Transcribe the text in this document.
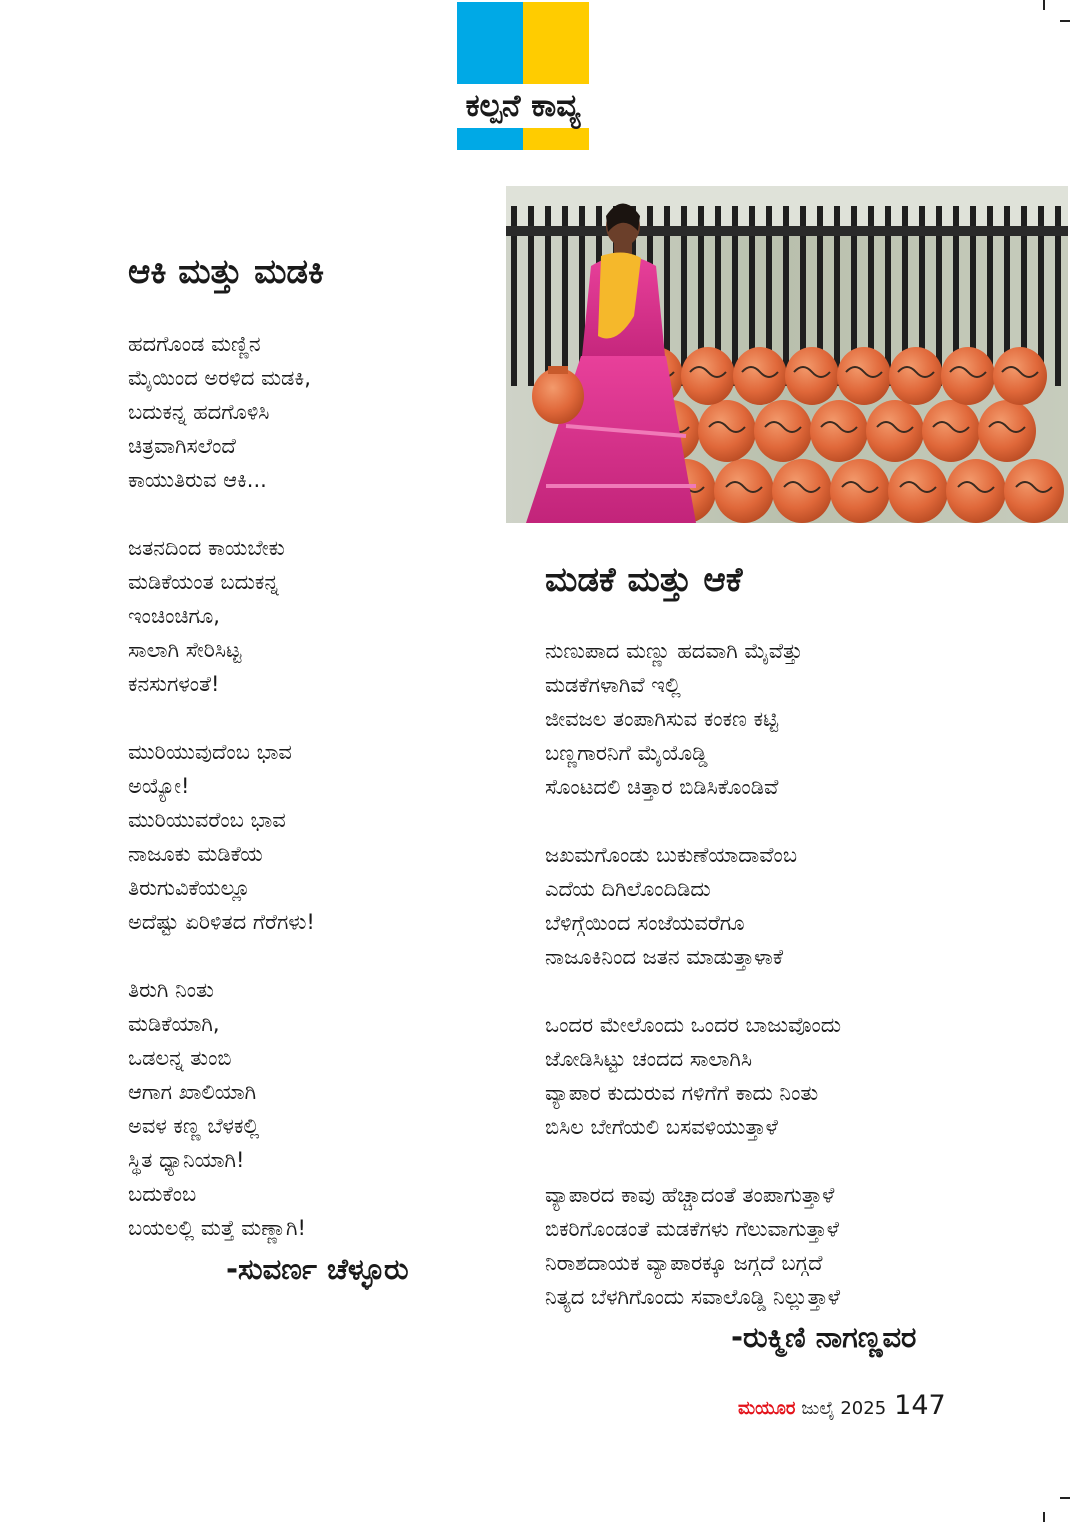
ಕಲ್ಪನೆ ಕಾವ್ಯ
ಆಕಿ ಮತ್ತು ಮಡಕಿ
ಹದಗೊಂಡ ಮಣ್ಣಿನ
ಮೈಯಿಂದ ಅರಳಿದ ಮಡಕಿ,
ಬದುಕನ್ನ ಹದಗೊಳಿಸಿ
ಚಿತ್ರವಾಗಿಸಲೆಂದೆ
ಕಾಯುತಿರುವ ಆಕಿ...
ಜತನದಿಂದ ಕಾಯಬೇಕು
ಮಡಿಕೆಯಂತ ಬದುಕನ್ನ
ಇಂಚಿಂಚಿಗೂ,
ಸಾಲಾಗಿ ಸೇರಿಸಿಟ್ಟ
ಕನಸುಗಳಂತೆ!
ಮುರಿಯುವುದೆಂಬ ಭಾವ
ಅಯ್ಯೋ!
ಮುರಿಯುವರೆಂಬ ಭಾವ
ನಾಜೂಕು ಮಡಿಕೆಯ
ತಿರುಗುವಿಕೆಯಲ್ಲೂ
ಅದೆಷ್ಟು ಏರಿಳಿತದ ಗೆರೆಗಳು!
ತಿರುಗಿ ನಿಂತು
ಮಡಿಕೆಯಾಗಿ,
ಒಡಲನ್ನ ತುಂಬಿ
ಆಗಾಗ ಖಾಲಿಯಾಗಿ
ಅವಳ ಕಣ್ಣ ಬೆಳಕಲ್ಲಿ
ಸ್ಥಿತ ಧ್ಯಾನಿಯಾಗಿ!
ಬದುಕೆಂಬ
ಬಯಲಲ್ಲಿ ಮತ್ತೆ ಮಣ್ಣಾಗಿ!
-ಸುವರ್ಣ ಚೆಳ್ಳೂರು
ಮಡಕೆ ಮತ್ತು ಆಕೆ
ನುಣುಪಾದ ಮಣ್ಣು ಹದವಾಗಿ ಮೈವೆತ್ತು
ಮಡಕೆಗಳಾಗಿವೆ ಇಲ್ಲಿ
ಜೀವಜಲ ತಂಪಾಗಿಸುವ ಕಂಕಣ ಕಟ್ಟಿ
ಬಣ್ಣಗಾರನಿಗೆ ಮೈಯೊಡ್ಡಿ
ಸೊಂಟದಲಿ ಚಿತ್ತಾರ ಬಿಡಿಸಿಕೊಂಡಿವೆ
ಜಖಮಗೊಂಡು ಬುಕುಣೆಯಾದಾವೆಂಬ
ಎದೆಯ ದಿಗಿಲೊಂದಿಡಿದು
ಬೆಳಿಗ್ಗೆಯಿಂದ ಸಂಜೆಯವರೆಗೂ
ನಾಜೂಕಿನಿಂದ ಜತನ ಮಾಡುತ್ತಾಳಾಕೆ
ಒಂದರ ಮೇಲೊಂದು ಒಂದರ ಬಾಜುವೊಂದು
ಜೋಡಿಸಿಟ್ಟು ಚಂದದ ಸಾಲಾಗಿಸಿ
ವ್ಯಾಪಾರ ಕುದುರುವ ಗಳಿಗೆಗೆ ಕಾದು ನಿಂತು
ಬಿಸಿಲ ಬೇಗೆಯಲಿ ಬಸವಳಿಯುತ್ತಾಳೆ
ವ್ಯಾಪಾರದ ಕಾವು ಹೆಚ್ಚಾದಂತೆ ತಂಪಾಗುತ್ತಾಳೆ
ಬಿಕರಿಗೊಂಡಂತೆ ಮಡಕೆಗಳು ಗೆಲುವಾಗುತ್ತಾಳೆ
ನಿರಾಶದಾಯಕ ವ್ಯಾಪಾರಕ್ಕೂ ಜಗ್ಗದೆ ಬಗ್ಗದೆ
ನಿತ್ಯದ ಬೆಳಗಿಗೊಂದು ಸವಾಲೊಡ್ಡಿ ನಿಲ್ಲುತ್ತಾಳೆ
-ರುಕ್ಮಿಣಿ ನಾಗಣ್ಣವರ
ಮಯೂರ ಜುಲೈ 2025 147
